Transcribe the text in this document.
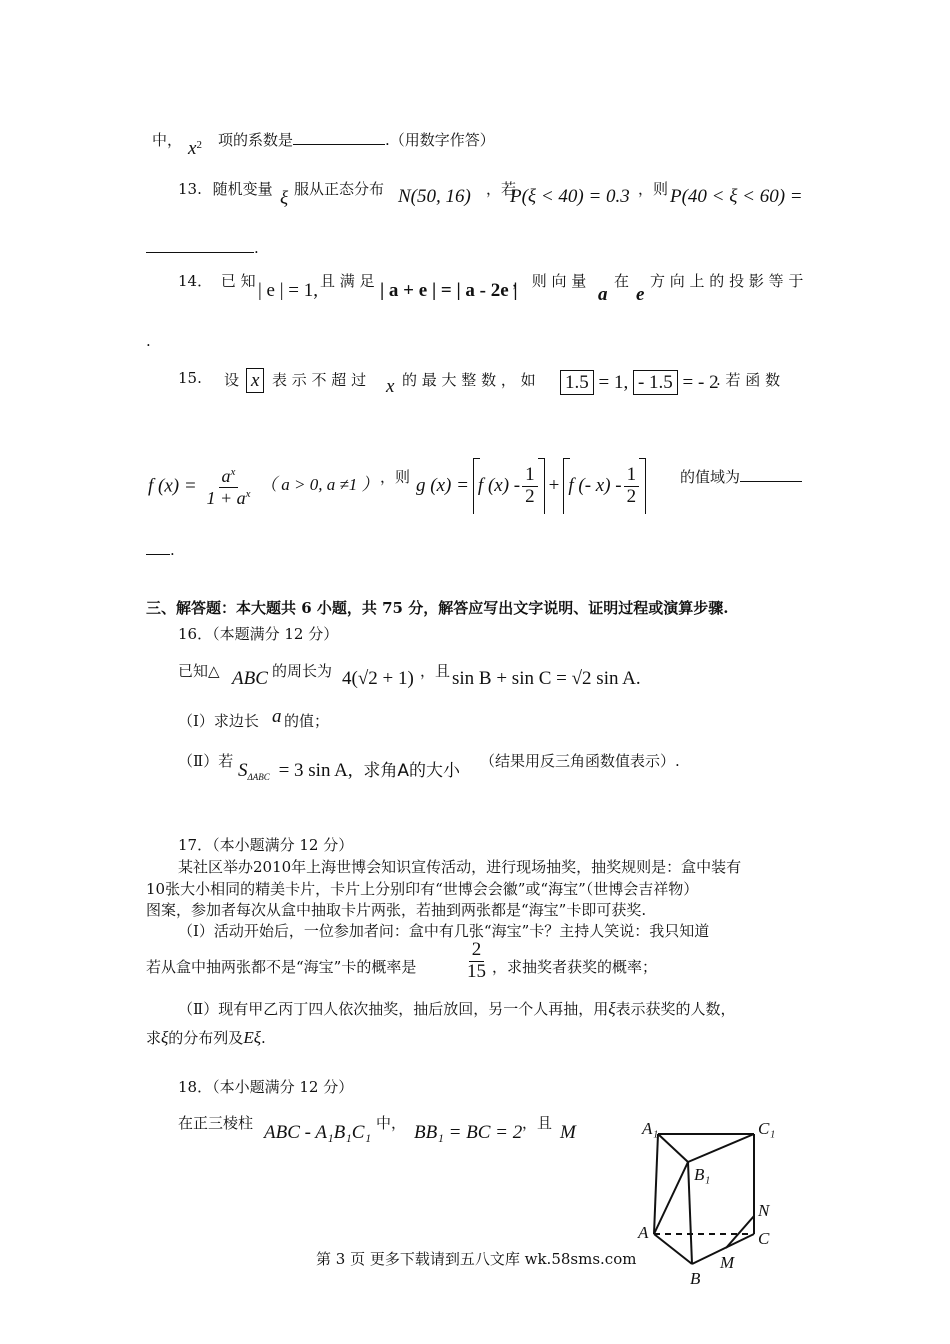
中， $x^2$ 项的系数是	.（用数字作答）
13. 随机变量 ξ 服从正态分布 N(50, 16) ，若
P(ξ < 40) = 0.3 ，则 P(40 < ξ < 60) =
.
14． 已 知 | e | = 1, 且 满 足 | a + e | = | a - 2e |
， 则 向 量
a
在
e
方 向 上 的 投 影 等 于
.
15. 设 x 表 示 不 超 过 x 的 最 大 整 数 ， 如 1.5 = 1, - 1.5 = - 2
. 若 函 数
f $(x) = \frac{a^x}{1 + a^x}$ （ a > 0, a ≠1 ） ，则 g (x) = f $(x) - \frac{1}{2} + f$ (- $x) - \frac{1}{2}$	的值域为
.
三、解答题：本大题共 6 小题，共 75 分，解答应写出文字说明、证明过程或演算步骤.
16．（本题满分 12 分）
已知△ ABC 的周长为 4(√2 + 1) ，且 sin B + sin C = √2 sin A.
（Ⅰ）求边长 a 的值；
（Ⅱ）若 $S_{\Delta ABC} = 3$ sin A, 求角A的大小 （结果用反三角函数值表示）.
17．（本小题满分 12 分）
某社区举办2010年上海世博会知识宣传活动，进行现场抽奖，抽奖规则是：盒中装有
10张大小相同的精美卡片，卡片上分别印有“世博会会徽”或“海宝”（世博会吉祥物）
图案，参加者每次从盒中抽取卡片两张，若抽到两张都是“海宝”卡即可获奖.
（Ⅰ）活动开始后，一位参加者问：盒中有几张“海宝”卡？主持人笑说：我只知道
若从盒中抽两张都不是“海宝”卡的概率是	$\frac{2}{15}$ ，求抽奖者获奖的概率；
（Ⅱ）现有甲乙丙丁四人依次抽奖，抽后放回，另一个人再抽，用ξ表示获奖的人数，
求ξ的分布列及Eξ.
18．（本小题满分 12 分）
在正三棱柱 ABC - A₁B₁C₁ 中， BB₁ = BC = 2 ，且 M	A₁	C₁
B₁
A	C
N
B
M
第 3 页 更多下载请到五八文库 wk.58sms.com
